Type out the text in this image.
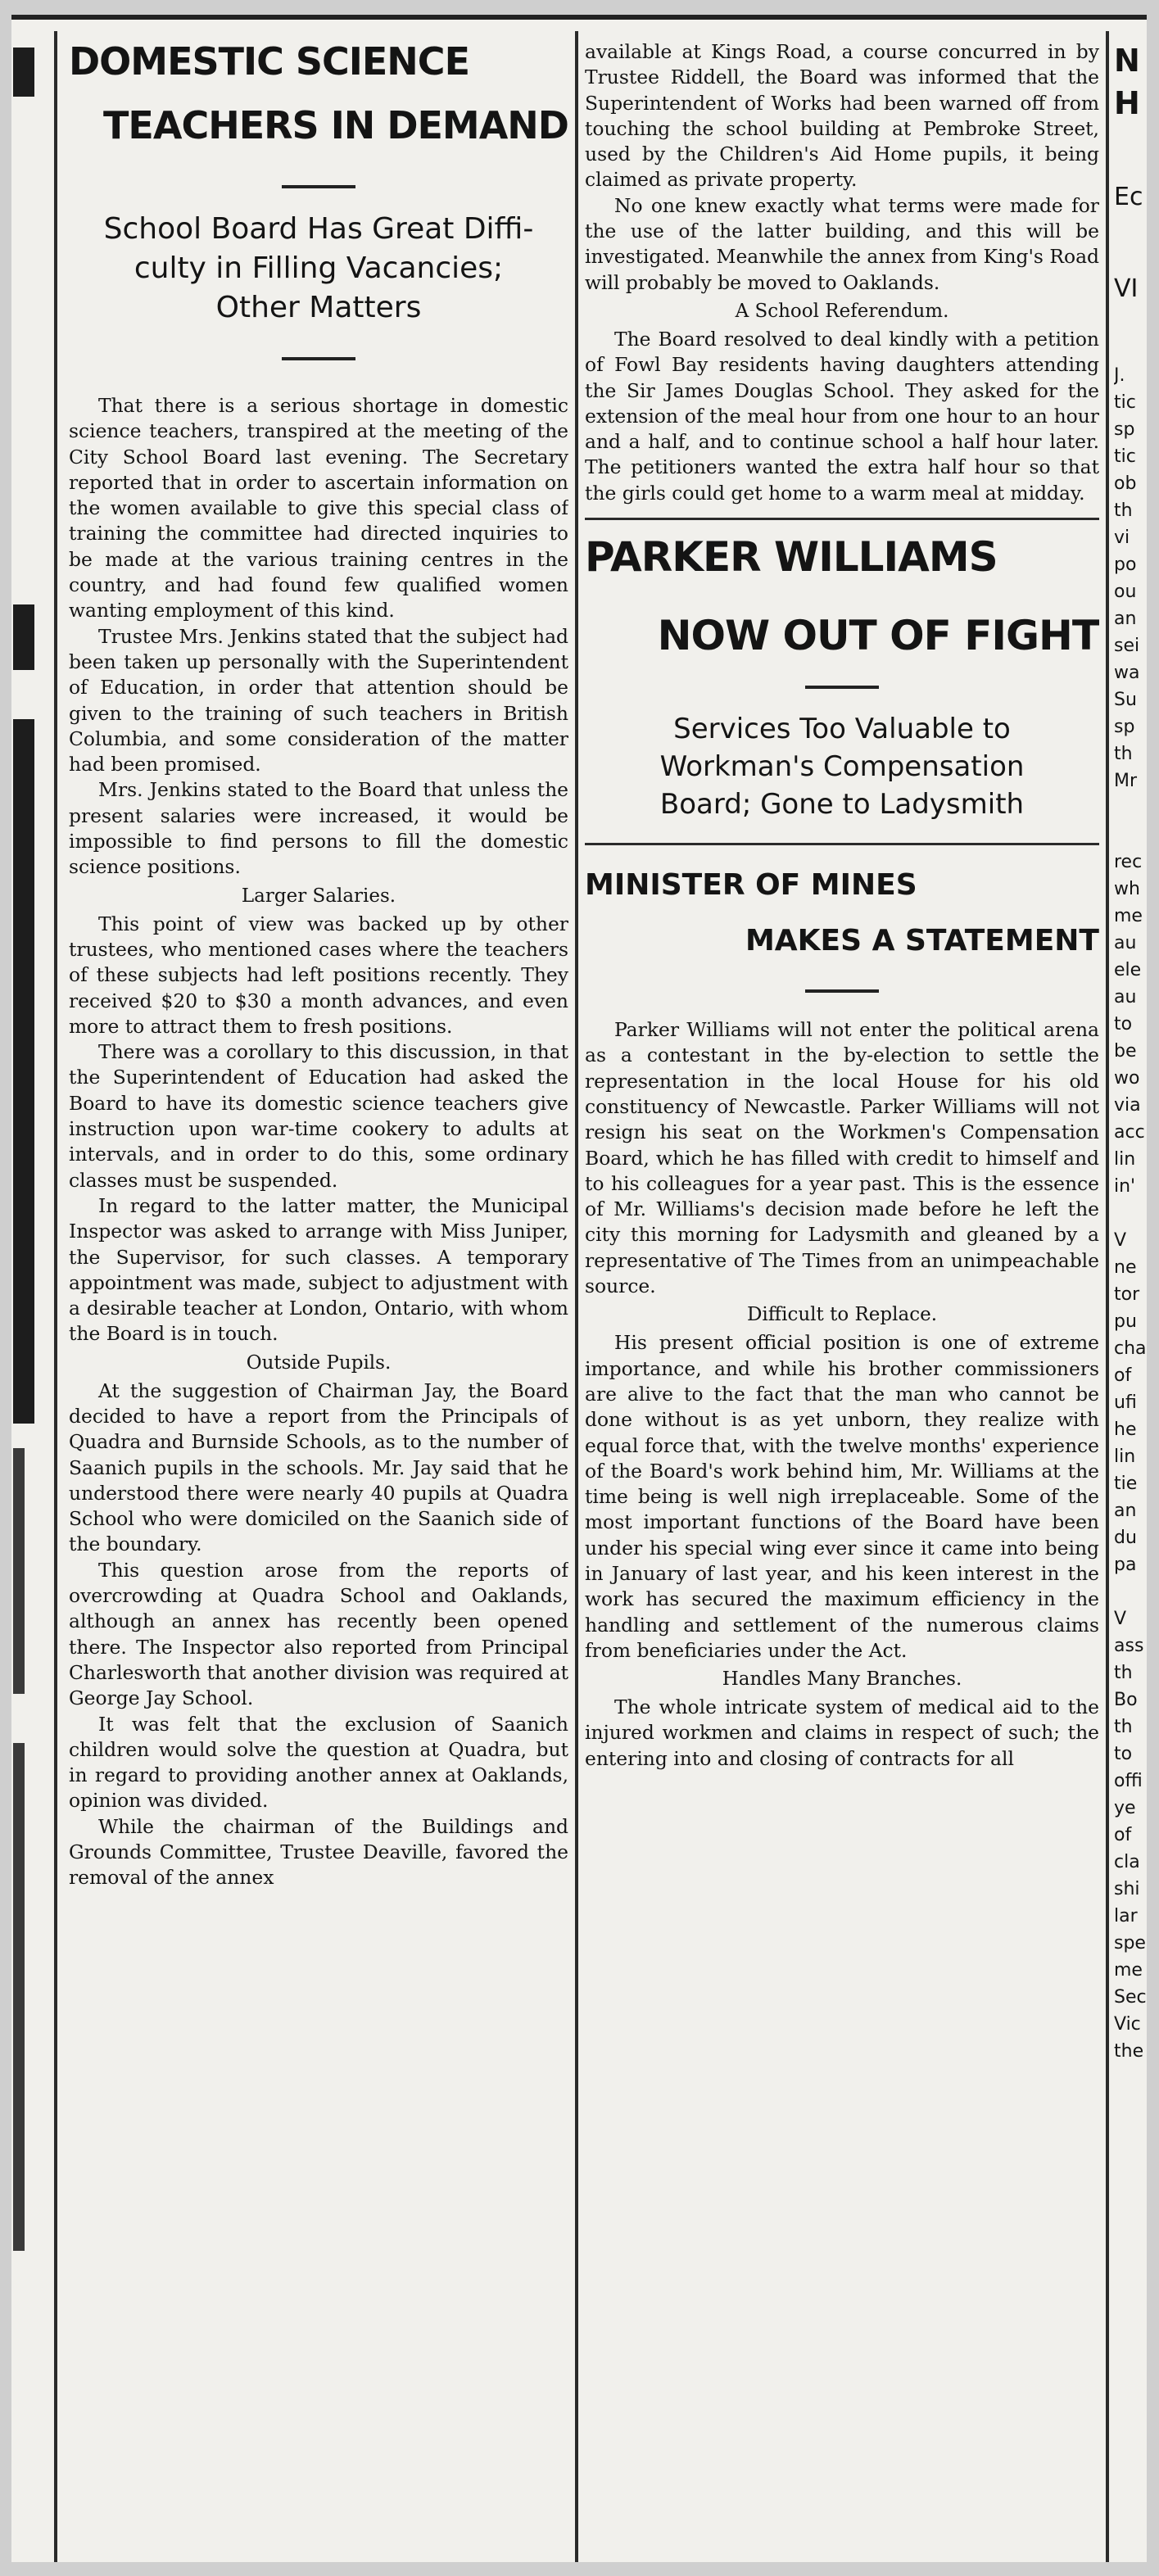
DOMESTIC SCIENCE
TEACHERS IN DEMAND
School Board Has Great Diffi-
culty in Filling Vacancies;
Other Matters

That there is a serious shortage in domestic science teachers, transpired at the meeting of the City School Board last evening. The Secretary reported that in order to ascertain information on the women available to give this special class of training the committee had directed inquiries to be made at the various training centres in the country, and had found few qualified women wanting employment of this kind.

Trustee Mrs. Jenkins stated that the subject had been taken up personally with the Superintendent of Education, in order that attention should be given to the training of such teachers in British Columbia, and some consideration of the matter had been promised.

Mrs. Jenkins stated to the Board that unless the present salaries were increased, it would be impossible to find persons to fill the domestic science positions.

Larger Salaries.

This point of view was backed up by other trustees, who mentioned cases where the teachers of these subjects had left positions recently. They received $20 to $30 a month advances, and even more to attract them to fresh positions.

There was a corollary to this discussion, in that the Superintendent of Education had asked the Board to have its domestic science teachers give instruction upon war-time cookery to adults at intervals, and in order to do this, some ordinary classes must be suspended.

In regard to the latter matter, the Municipal Inspector was asked to arrange with Miss Juniper, the Supervisor, for such classes. A temporary appointment was made, subject to adjustment with a desirable teacher at London, Ontario, with whom the Board is in touch.

Outside Pupils.

At the suggestion of Chairman Jay, the Board decided to have a report from the Principals of Quadra and Burnside Schools, as to the number of Saanich pupils in the schools. Mr. Jay said that he understood there were nearly 40 pupils at Quadra School who were domiciled on the Saanich side of the boundary.

This question arose from the reports of overcrowding at Quadra School and Oaklands, although an annex has recently been opened there. The Inspector also reported from Principal Charlesworth that another division was required at George Jay School.

It was felt that the exclusion of Saanich children would solve the question at Quadra, but in regard to providing another annex at Oaklands, opinion was divided.

While the chairman of the Buildings and Grounds Committee, Trustee Deaville, favored the removal of the annex

available at Kings Road, a course concurred in by Trustee Riddell, the Board was informed that the Superintendent of Works had been warned off from touching the school building at Pembroke Street, used by the Children's Aid Home pupils, it being claimed as private property.

No one knew exactly what terms were made for the use of the latter building, and this will be investigated. Meanwhile the annex from King's Road will probably be moved to Oaklands.

A School Referendum.

The Board resolved to deal kindly with a petition of Fowl Bay residents having daughters attending the Sir James Douglas School. They asked for the extension of the meal hour from one hour to an hour and a half, and to continue school a half hour later. The petitioners wanted the extra half hour so that the girls could get home to a warm meal at midday.

PARKER WILLIAMS
NOW OUT OF FIGHT
Services Too Valuable to
Workman's Compensation
Board; Gone to Ladysmith
MINISTER OF MINES
MAKES A STATEMENT

Parker Williams will not enter the political arena as a contestant in the by-election to settle the representation in the local House for his old constituency of Newcastle. Parker Williams will not resign his seat on the Workmen's Compensation Board, which he has filled with credit to himself and to his colleagues for a year past. This is the essence of Mr. Williams's decision made before he left the city this morning for Ladysmith and gleaned by a representative of The Times from an unimpeachable source.

Difficult to Replace.

His present official position is one of extreme importance, and while his brother commissioners are alive to the fact that the man who cannot be done without is as yet unborn, they realize with equal force that, with the twelve months' experience of the Board's work behind him, Mr. Williams at the time being is well nigh irreplaceable. Some of the most important functions of the Board have been under his special wing ever since it came into being in January of last year, and his keen interest in the work has secured the maximum efficiency in the handling and settlement of the numerous claims from beneficiaries under the Act.

Handles Many Branches.

The whole intricate system of medical aid to the injured workmen and claims in respect of such; the entering into and closing of contracts for all

N
H

Ec

VI

J.
tic
sp
tic
ob
th
vi
po
ou
an
sei
wa
Su
sp
th
Mr

rec
wh
me
au
ele
au
to
be
wo
via
acc
lin
in'

V
ne
tor
pu
cha
of
ufi
he
lin
tie
an
du
pa

V
ass
th
Bo
th
to
offi
ye
of
cla
shi
lar
spe
me
Sec
Vic
the
